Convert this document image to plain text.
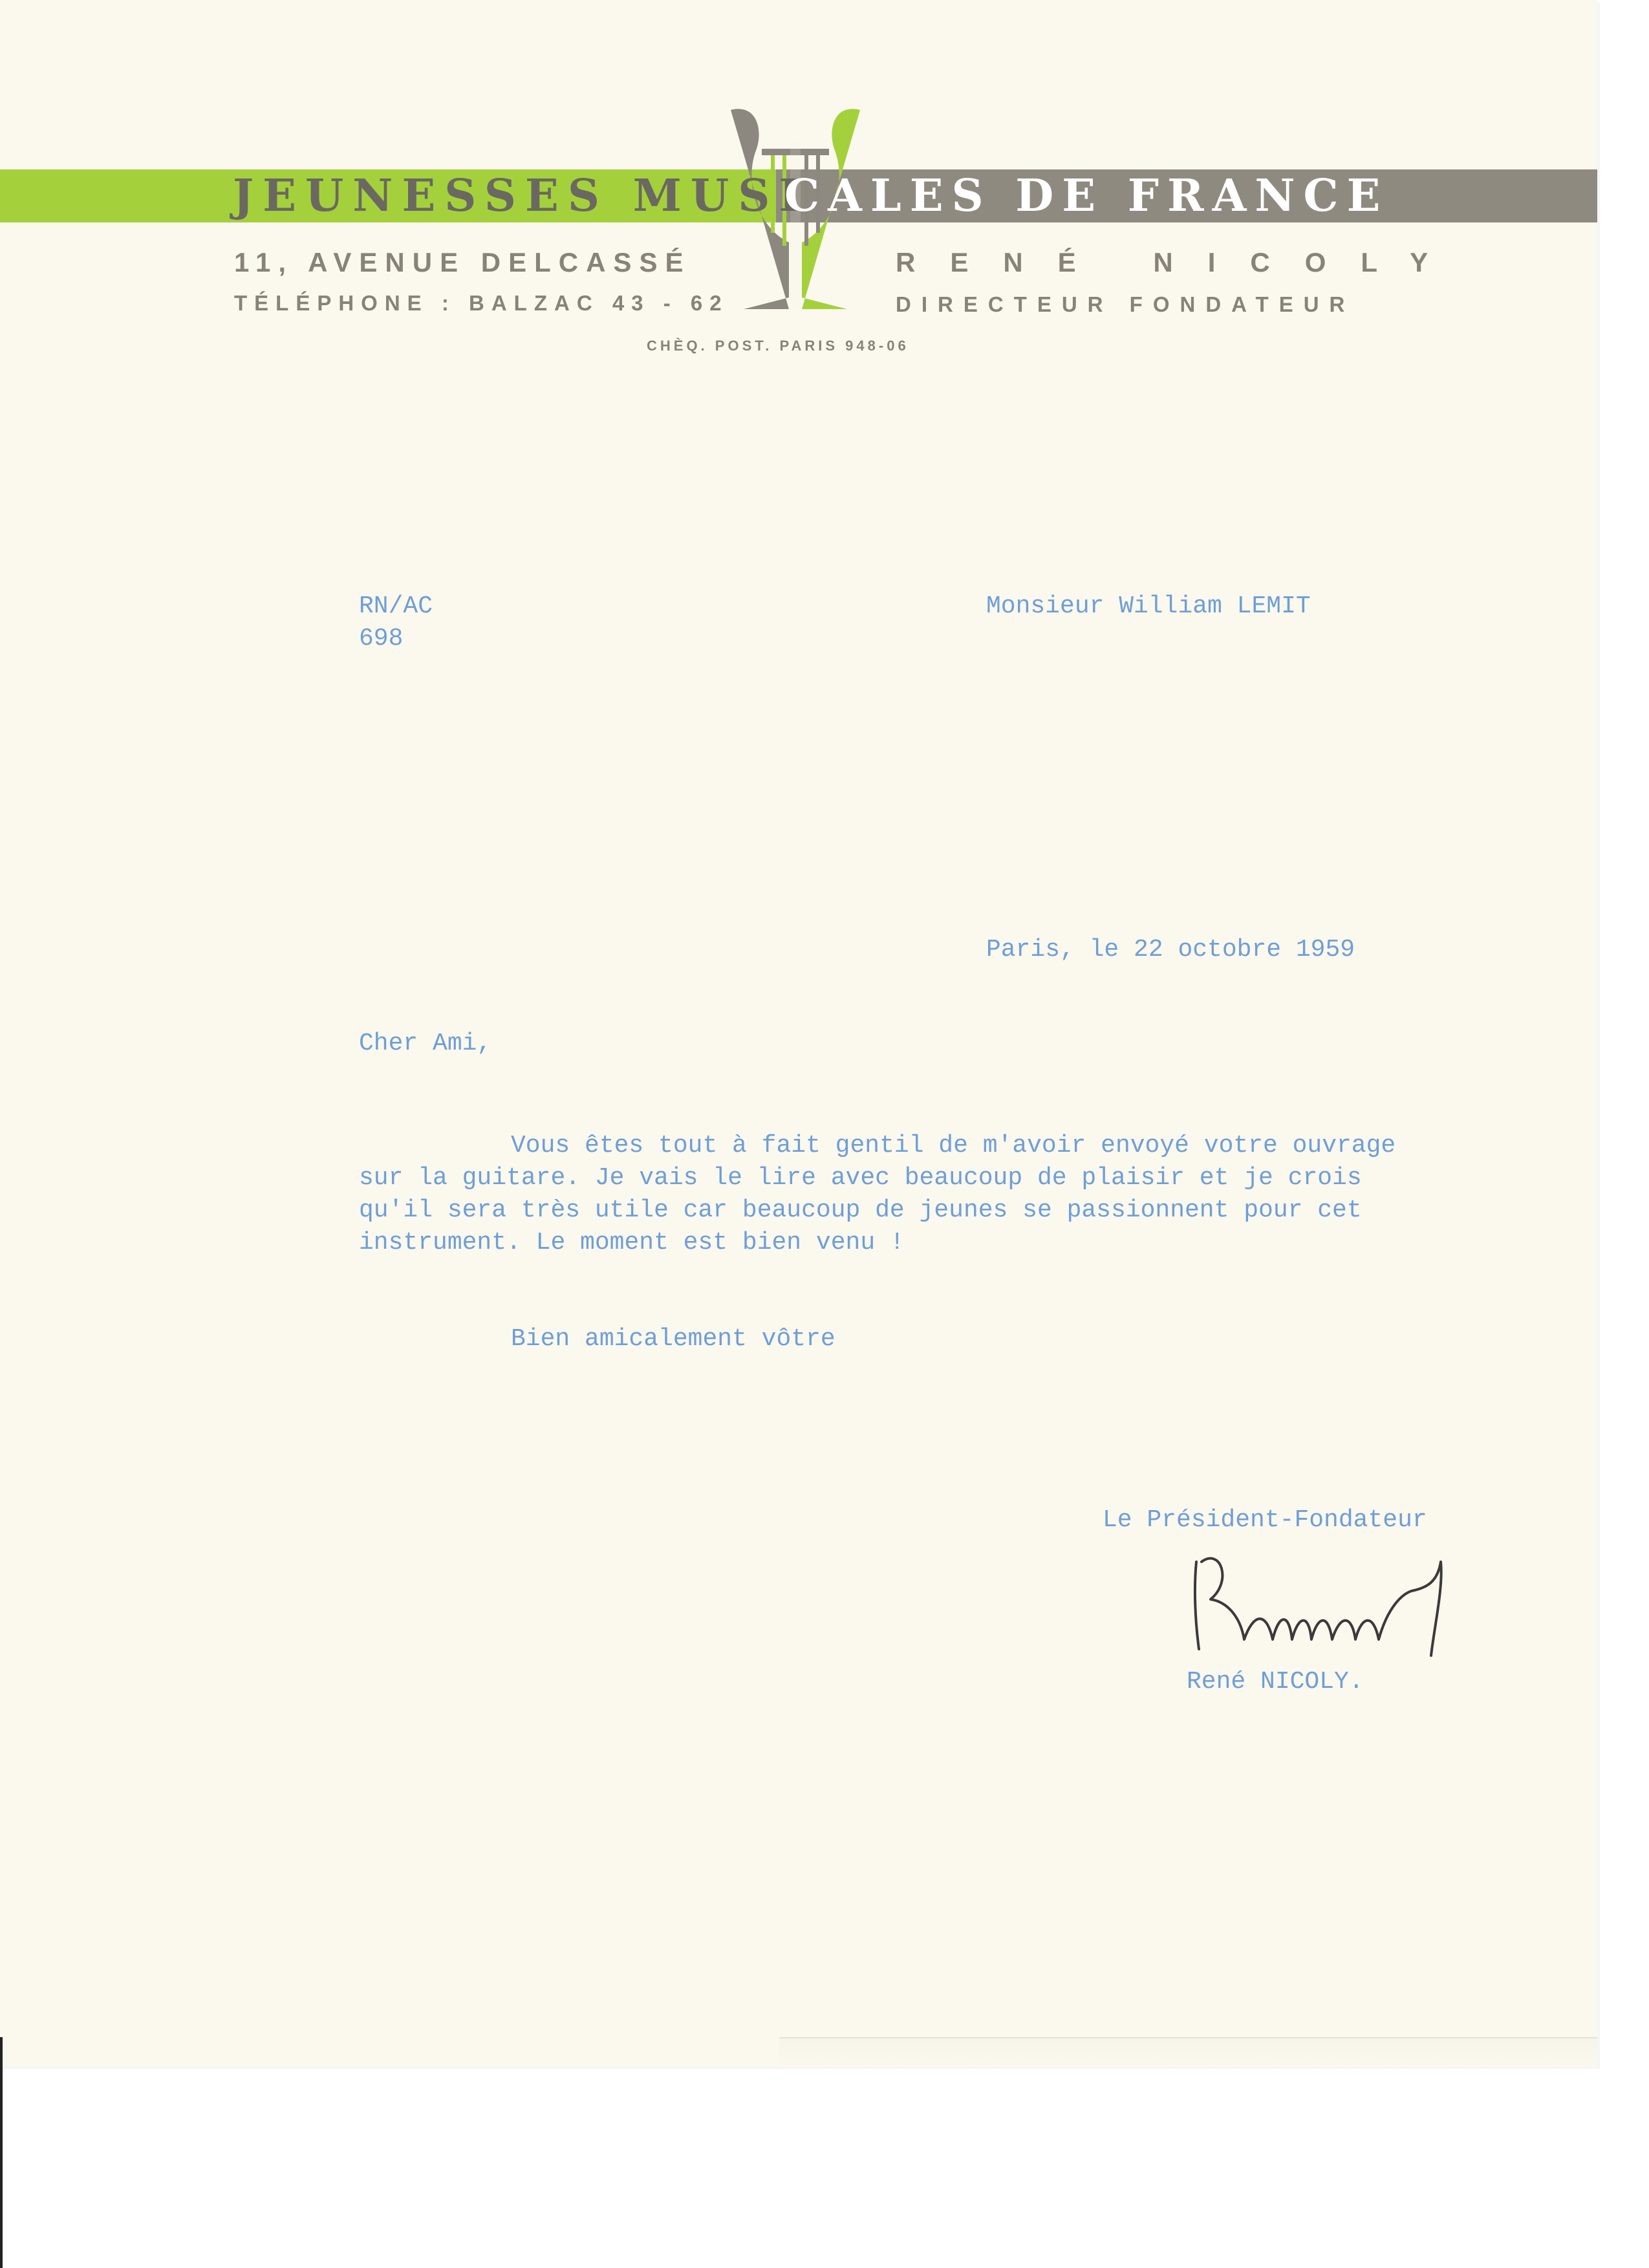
JEUNESSES MUSI
CALES DE FRANCE
11, AVENUE DELCASSÉ
TÉLÉPHONE : BALZAC 43 - 62
RENÉ NICOLY
DIRECTEUR FONDATEUR
CHÈQ. POST. PARIS 948-06
RN/AC
698
Monsieur William LEMIT
Paris, le 22 octobre 1959
Cher Ami,
Vous êtes tout à fait gentil de m'avoir envoyé votre ouvrage
sur la guitare. Je vais le lire avec beaucoup de plaisir et je crois
qu'il sera très utile car beaucoup de jeunes se passionnent pour cet
instrument. Le moment est bien venu !
Bien amicalement vôtre
Le Président-Fondateur
René NICOLY.
